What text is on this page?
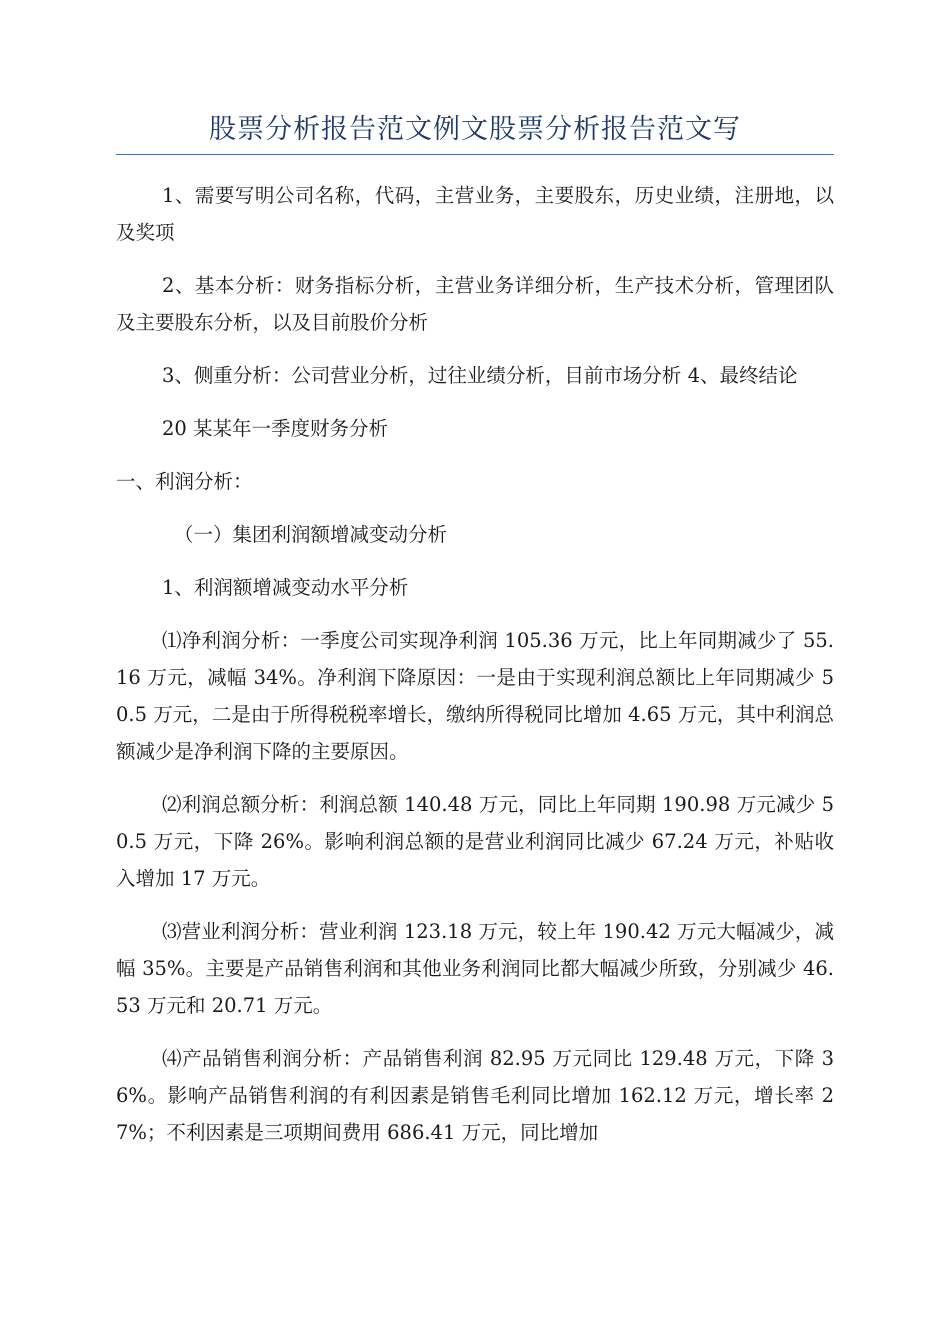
股票分析报告范文例文股票分析报告范文写

1、需要写明公司名称，代码，主营业务，主要股东，历史业绩，注册地，以及奖项

2、基本分析：财务指标分析，主营业务详细分析，生产技术分析，管理团队及主要股东分析，以及目前股价分析

3、侧重分析：公司营业分析，过往业绩分析，目前市场分析 4、最终结论

20 某某年一季度财务分析

一、利润分析：

（一）集团利润额增减变动分析

1、利润额增减变动水平分析

⑴净利润分析：一季度公司实现净利润 105.36 万元，比上年同期减少了 55.16 万元，减幅 34%。净利润下降原因：一是由于实现利润总额比上年同期减少 50.5 万元，二是由于所得税税率增长，缴纳所得税同比增加 4.65 万元，其中利润总额减少是净利润下降的主要原因。

⑵利润总额分析：利润总额 140.48 万元，同比上年同期 190.98 万元减少 50.5 万元，下降 26%。影响利润总额的是营业利润同比减少 67.24 万元，补贴收入增加 17 万元。

⑶营业利润分析：营业利润 123.18 万元，较上年 190.42 万元大幅减少，减幅 35%。主要是产品销售利润和其他业务利润同比都大幅减少所致，分别减少 46.53 万元和 20.71 万元。

⑷产品销售利润分析：产品销售利润 82.95 万元同比 129.48 万元，下降 36%。影响产品销售利润的有利因素是销售毛利同比增加 162.12 万元，增长率 27%；不利因素是三项期间费用 686.41 万元，同比增加
